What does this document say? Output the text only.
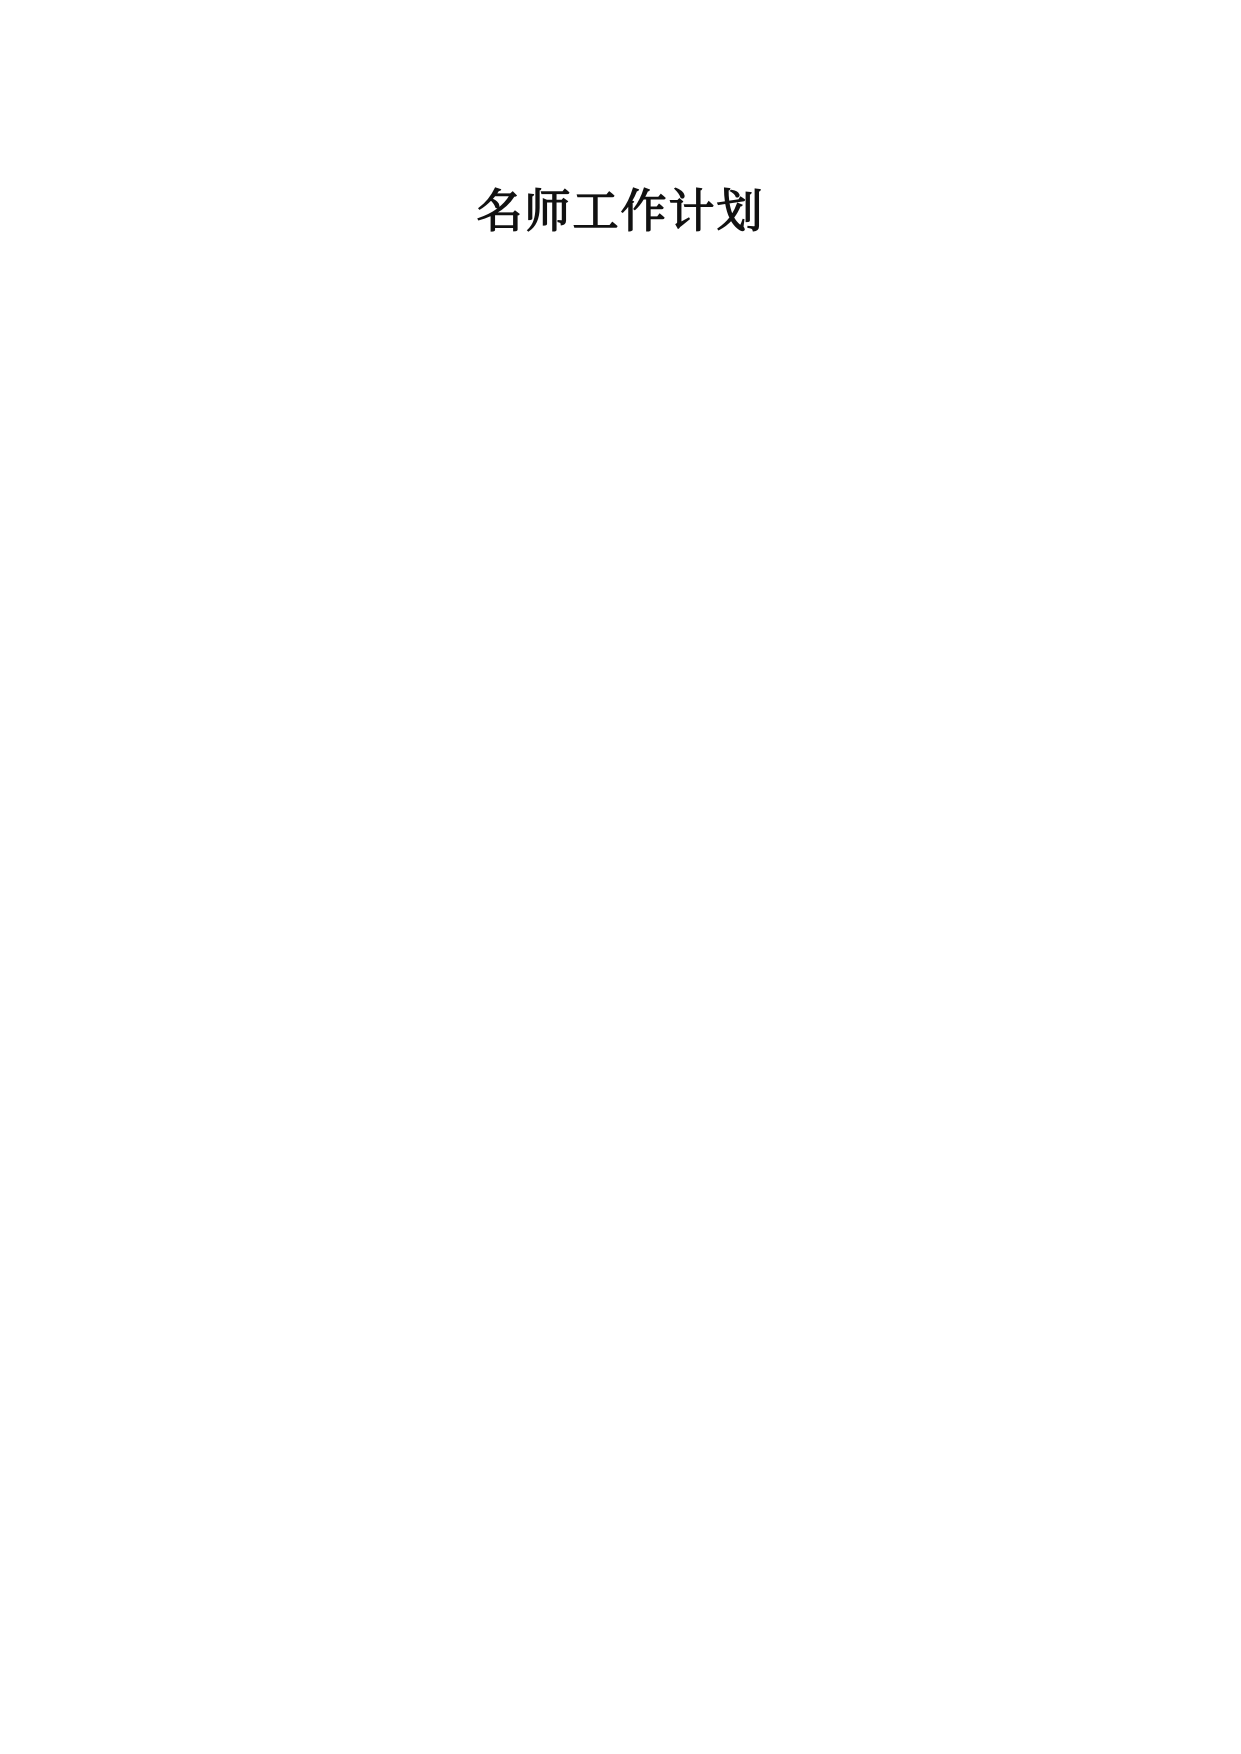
名师工作计划
